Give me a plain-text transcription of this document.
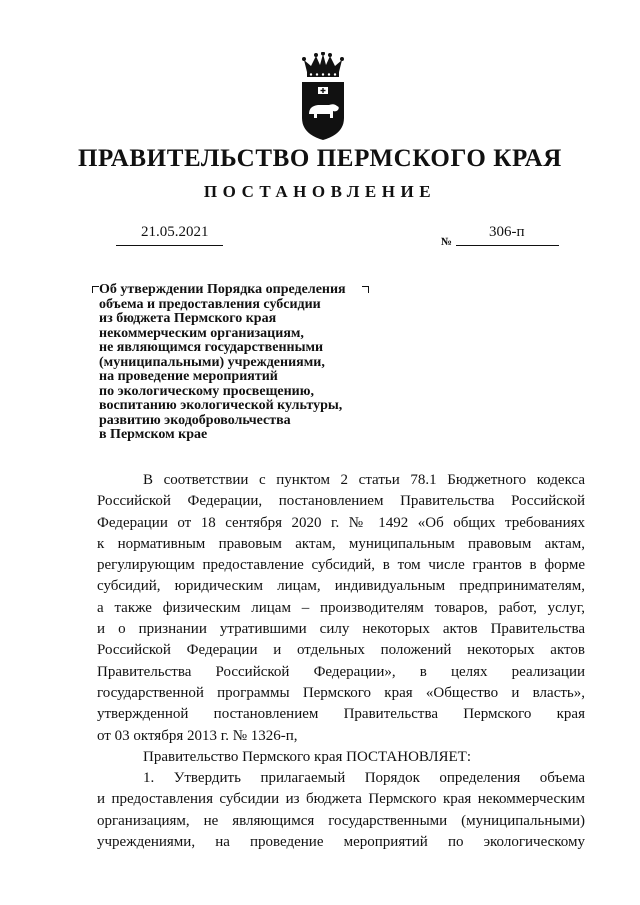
ПРАВИТЕЛЬСТВО ПЕРМСКОГО КРАЯ
ПОСТАНОВЛЕНИЕ
21.05.2021
№
306-п
Об утверждении Порядка определения
объема и предоставления субсидии
из бюджета Пермского края
некоммерческим организациям,
не являющимся государственными
(муниципальными) учреждениями,
на проведение мероприятий
по экологическому просвещению,
воспитанию экологической культуры,
развитию экодобровольчества
в Пермском крае
В соответствии с пунктом 2 статьи 78.1 Бюджетного кодекса
Российской Федерации, постановлением Правительства Российской
Федерации от 18 сентября 2020 г. № 1492 «Об общих требованиях
к нормативным правовым актам, муниципальным правовым актам,
регулирующим предоставление субсидий, в том числе грантов в форме
субсидий, юридическим лицам, индивидуальным предпринимателям,
а также физическим лицам – производителям товаров, работ, услуг,
и о признании утратившими силу некоторых актов Правительства
Российской Федерации и отдельных положений некоторых актов
Правительства Российской Федерации», в целях реализации
государственной программы Пермского края «Общество и власть»,
утвержденной постановлением Правительства Пермского края
от 03 октября 2013 г. № 1326-п,
Правительство Пермского края ПОСТАНОВЛЯЕТ:
1. Утвердить прилагаемый Порядок определения объема
и предоставления субсидии из бюджета Пермского края некоммерческим
организациям, не являющимся государственными (муниципальными)
учреждениями, на проведение мероприятий по экологическому
